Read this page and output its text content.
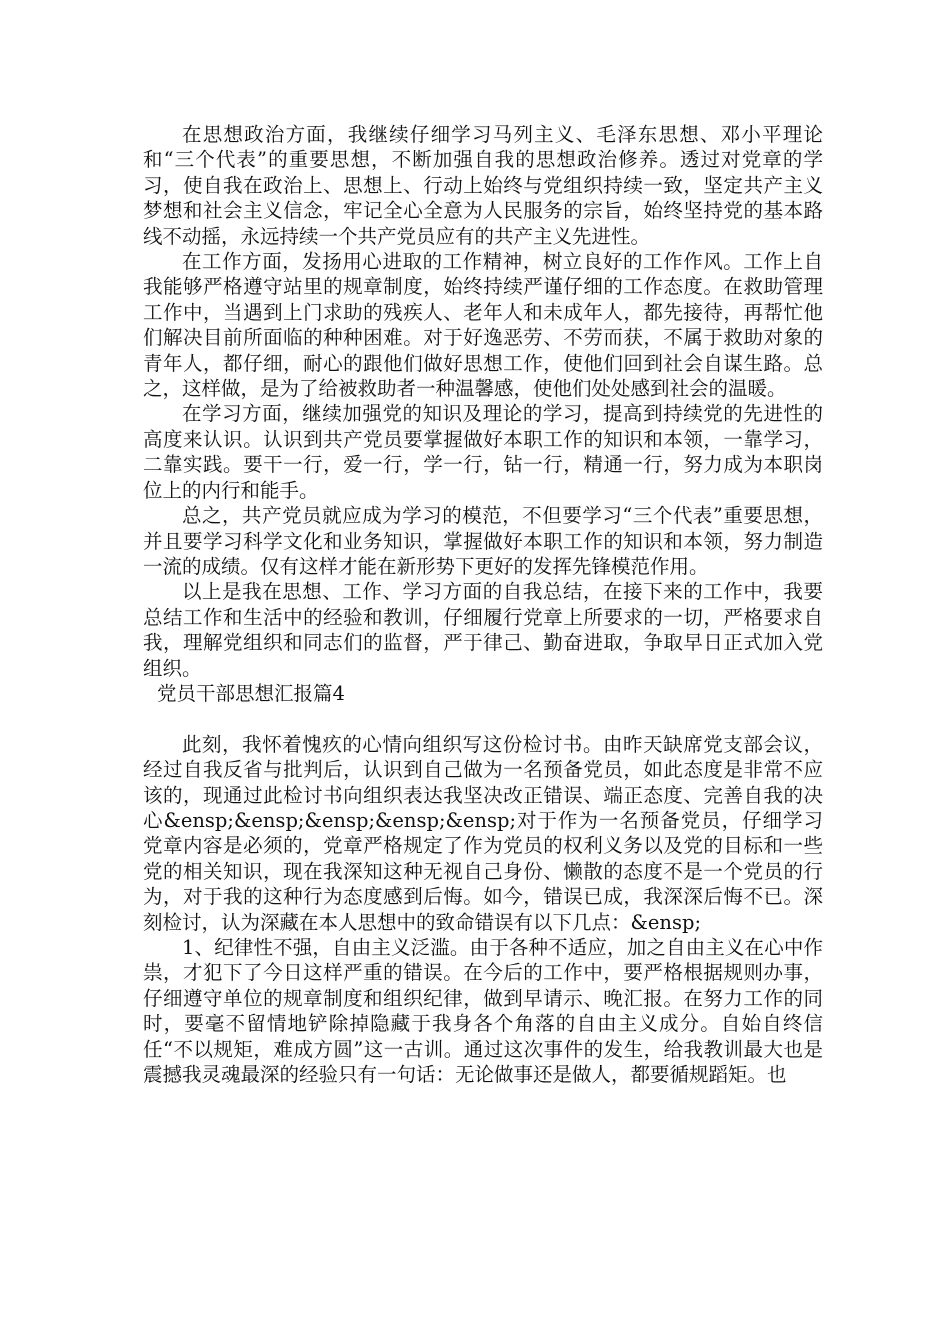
在思想政治方面，我继续仔细学习马列主义、毛泽东思想、邓小平理论和“三个代表”的重要思想，不断加强自我的思想政治修养。透过对党章的学习，使自我在政治上、思想上、行动上始终与党组织持续一致，坚定共产主义梦想和社会主义信念，牢记全心全意为人民服务的宗旨，始终坚持党的基本路线不动摇，永远持续一个共产党员应有的共产主义先进性。

在工作方面，发扬用心进取的工作精神，树立良好的工作作风。工作上自我能够严格遵守站里的规章制度，始终持续严谨仔细的工作态度。在救助管理工作中，当遇到上门求助的残疾人、老年人和未成年人，都先接待，再帮忙他们解决目前所面临的种种困难。对于好逸恶劳、不劳而获，不属于救助对象的青年人，都仔细，耐心的跟他们做好思想工作，使他们回到社会自谋生路。总之，这样做，是为了给被救助者一种温馨感，使他们处处感到社会的温暖。

在学习方面，继续加强党的知识及理论的学习，提高到持续党的先进性的高度来认识。认识到共产党员要掌握做好本职工作的知识和本领，一靠学习，二靠实践。要干一行，爱一行，学一行，钻一行，精通一行，努力成为本职岗位上的内行和能手。

总之，共产党员就应成为学习的模范，不但要学习“三个代表”重要思想，并且要学习科学文化和业务知识，掌握做好本职工作的知识和本领，努力制造一流的成绩。仅有这样才能在新形势下更好的发挥先锋模范作用。

以上是我在思想、工作、学习方面的自我总结，在接下来的工作中，我要总结工作和生活中的经验和教训，仔细履行党章上所要求的一切，严格要求自我，理解党组织和同志们的监督，严于律己、勤奋进取，争取早日正式加入党组织。

党员干部思想汇报篇4

此刻，我怀着愧疚的心情向组织写这份检讨书。由昨天缺席党支部会议，经过自我反省与批判后，认识到自己做为一名预备党员，如此态度是非常不应该的，现通过此检讨书向组织表达我坚决改正错误、端正态度、完善自我的决心&ensp;&ensp;&ensp;&ensp;&ensp;对于作为一名预备党员，仔细学习党章内容是必须的，党章严格规定了作为党员的权利义务以及党的目标和一些党的相关知识，现在我深知这种无视自己身份、懒散的态度不是一个党员的行为，对于我的这种行为态度感到后悔。如今，错误已成，我深深后悔不已。深刻检讨，认为深藏在本人思想中的致命错误有以下几点：&ensp;

1、纪律性不强，自由主义泛滥。由于各种不适应，加之自由主义在心中作祟，才犯下了今日这样严重的错误。在今后的工作中，要严格根据规则办事，仔细遵守单位的规章制度和组织纪律，做到早请示、晚汇报。在努力工作的同时，要毫不留情地铲除掉隐藏于我身各个角落的自由主义成分。自始自终信任“不以规矩，难成方圆”这一古训。通过这次事件的发生，给我教训最大也是震撼我灵魂最深的经验只有一句话：无论做事还是做人，都要循规蹈矩。也
